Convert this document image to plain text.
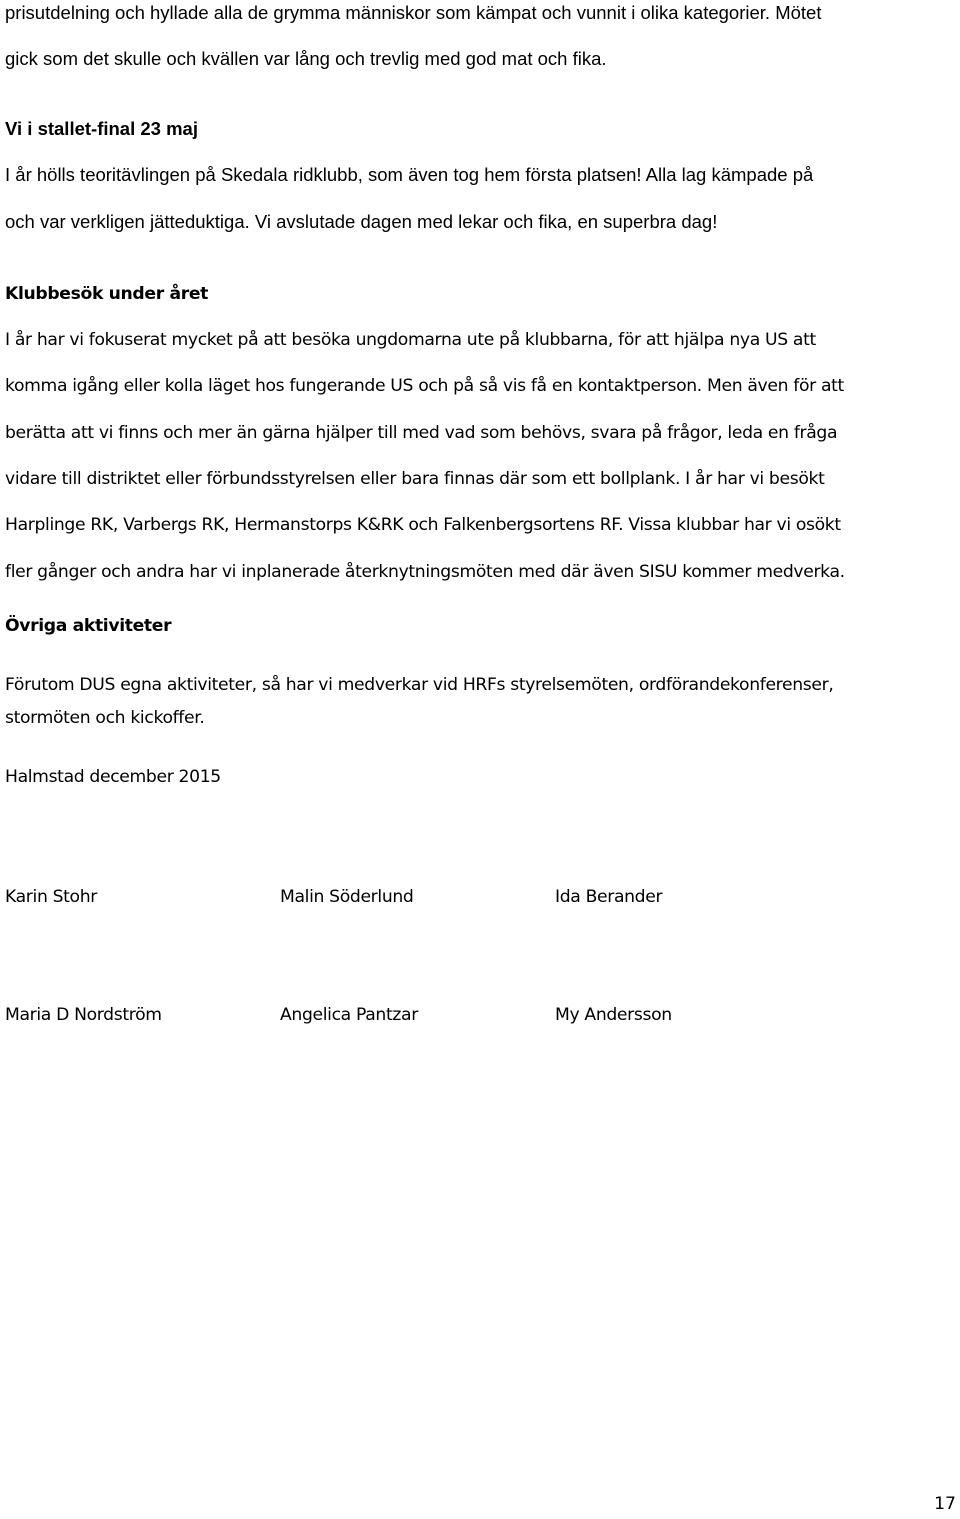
prisutdelning och hyllade alla de grymma människor som kämpat och vunnit i olika kategorier. Mötet

gick som det skulle och kvällen var lång och trevlig med god mat och fika.

Vi i stallet-final 23 maj

I år hölls teoritävlingen på Skedala ridklubb, som även tog hem första platsen! Alla lag kämpade på

och var verkligen jätteduktiga. Vi avslutade dagen med lekar och fika, en superbra dag!

Klubbesök under året

I år har vi fokuserat mycket på att besöka ungdomarna ute på klubbarna, för att hjälpa nya US att

komma igång eller kolla läget hos fungerande US och på så vis få en kontaktperson. Men även för att

berätta att vi finns och mer än gärna hjälper till med vad som behövs, svara på frågor, leda en fråga

vidare till distriktet eller förbundsstyrelsen eller bara finnas där som ett bollplank. I år har vi besökt

Harplinge RK, Varbergs RK, Hermanstorps K&RK och Falkenbergsortens RF. Vissa klubbar har vi osökt

fler gånger och andra har vi inplanerade återknytningsmöten med där även SISU kommer medverka.

Övriga aktiviteter

Förutom DUS egna aktiviteter, så har vi medverkar vid HRFs styrelsemöten, ordförandekonferenser,

stormöten och kickoffer.

Halmstad december 2015

Karin Stohr	Malin Söderlund	Ida Berander
Maria D Nordström	Angelica Pantzar	My Andersson
17
